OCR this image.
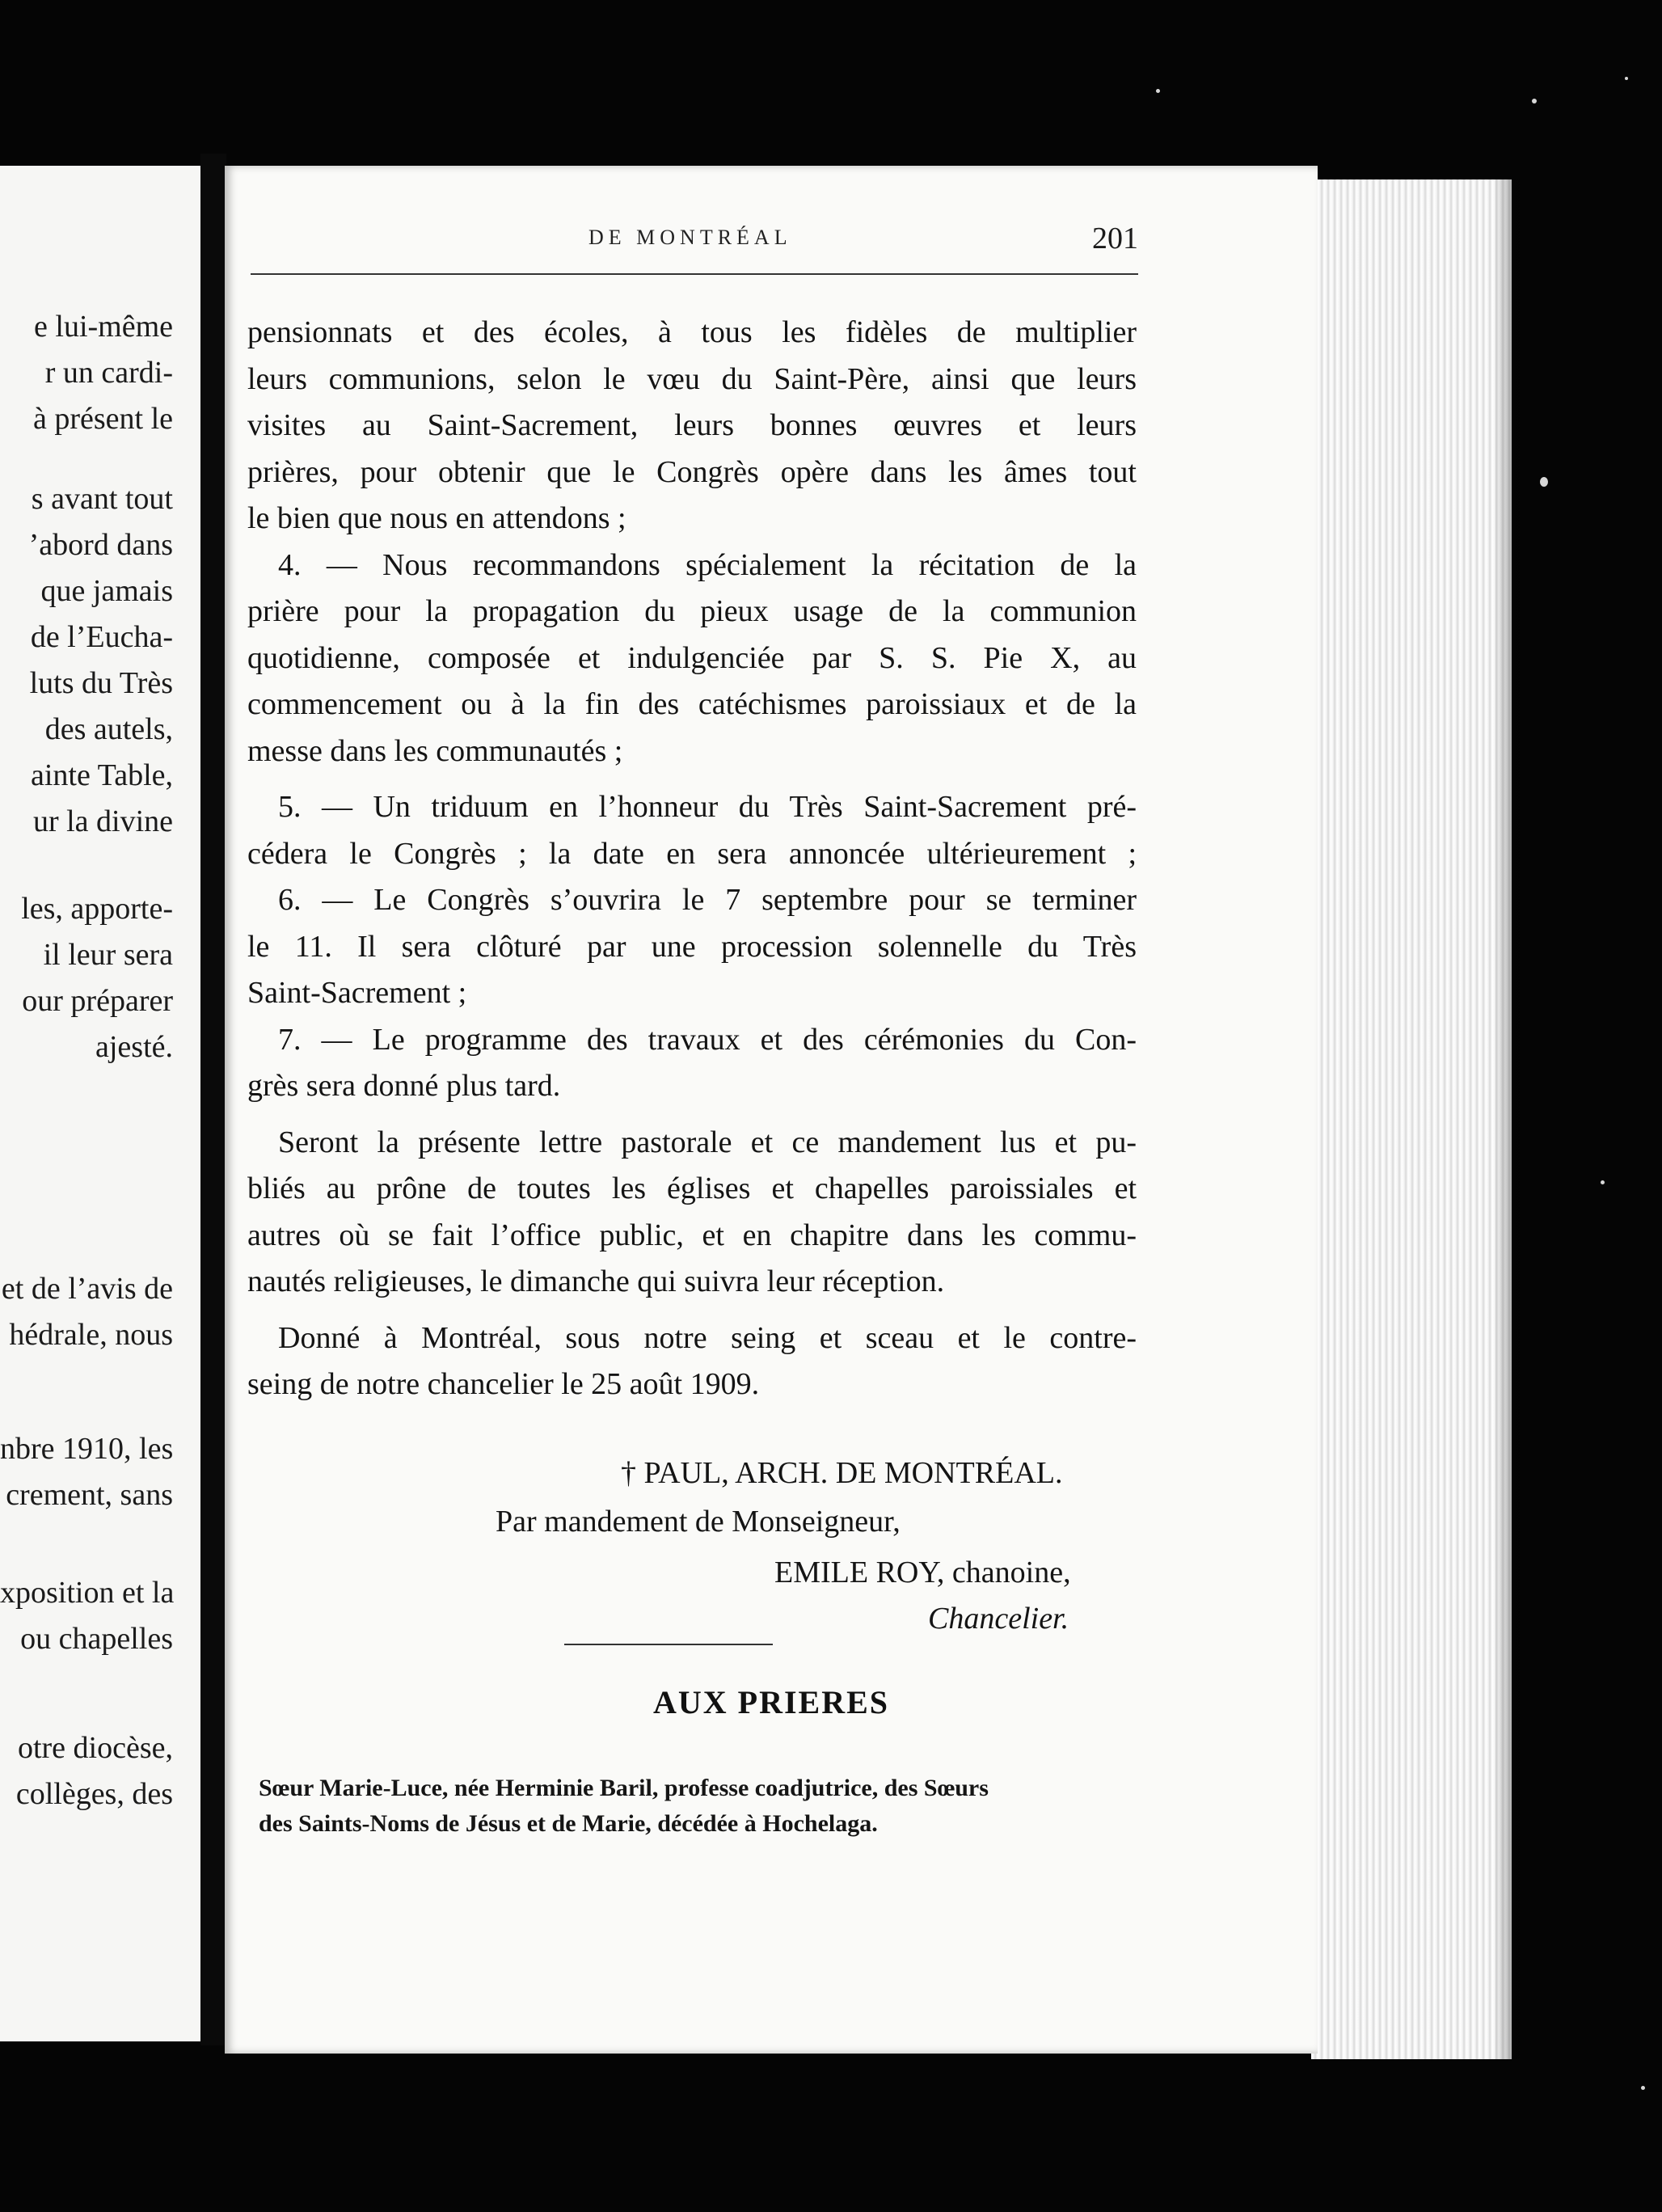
e lui-même
r un cardi-
à présent le
s avant tout
’abord dans
que jamais
de l’Eucha-
luts du Très
des autels,
ainte Table,
ur la divine
les, apporte-
il leur sera
our préparer
ajesté.
et de l’avis de
hédrale, nous
nbre 1910, les
crement, sans
xposition et la
ou chapelles
otre diocèse,
collèges, des
DE MONTRÉAL	201

pensionnats et des écoles, à tous les fidèles de multiplier

leurs communions, selon le vœu du Saint-Père, ainsi que leurs

visites au Saint-Sacrement, leurs bonnes œuvres et leurs

prières, pour obtenir que le Congrès opère dans les âmes tout

le bien que nous en attendons ;

4. — Nous recommandons spécialement la récitation de la

prière pour la propagation du pieux usage de la communion

quotidienne, composée et indulgenciée par S. S. Pie X, au

commencement ou à la fin des catéchismes paroissiaux et de la

messe dans les communautés ;

5. — Un triduum en l’honneur du Très Saint-Sacrement pré-

cédera le Congrès ; la date en sera annoncée ultérieurement ;

6. — Le Congrès s’ouvrira le 7 septembre pour se terminer

le 11. Il sera clôturé par une procession solennelle du Très

Saint-Sacrement ;

7. — Le programme des travaux et des cérémonies du Con-

grès sera donné plus tard.

Seront la présente lettre pastorale et ce mandement lus et pu-

bliés au prône de toutes les églises et chapelles paroissiales et

autres où se fait l’office public, et en chapitre dans les commu-

nautés religieuses, le dimanche qui suivra leur réception.

Donné à Montréal, sous notre seing et sceau et le contre-

seing de notre chancelier le 25 août 1909.

† PAUL, ARCH. DE MONTRÉAL.
Par mandement de Monseigneur,
EMILE ROY, chanoine,
Chancelier.
AUX PRIERES

Sœur Marie-Luce, née Herminie Baril, professe coadjutrice, des Sœurs

des Saints-Noms de Jésus et de Marie, décédée à Hochelaga.
